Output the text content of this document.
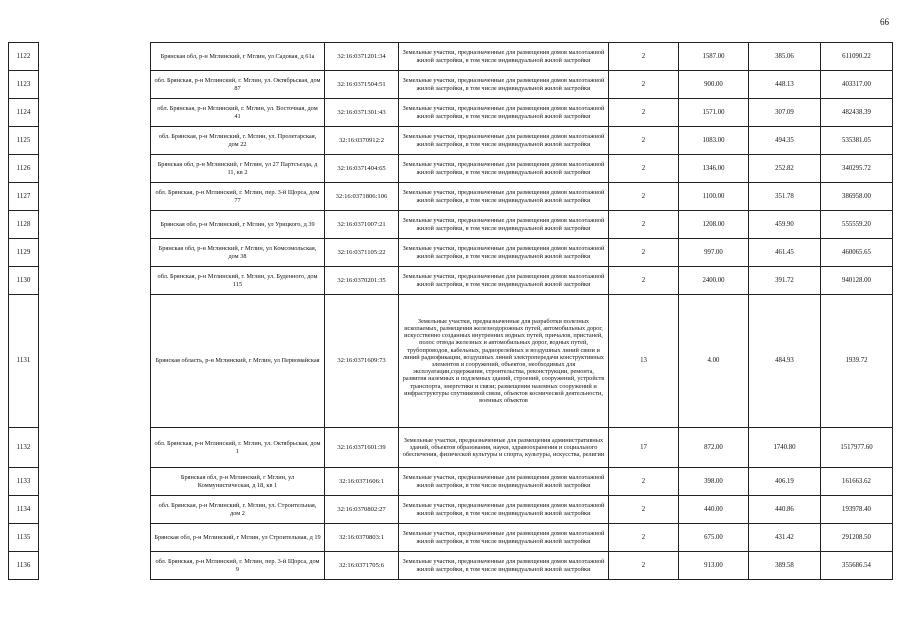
66
1122		Брянская обл, р-н Мглинский, г Мглин, ул Садовая, д 61а	32:16:0371201:34	Земельные участки, предназначенные для размещения домов малоэтажной жилой застройки, в том числе индивидуальной жилой застройки	2	1587.00	385.06	611090.22
1123		обл. Брянская, р-н Мглинский, г. Мглин, ул. Октябрьская, дом 87	32:16:0371504:51	Земельные участки, предназначенные для размещения домов малоэтажной жилой застройки, в том числе индивидуальной жилой застройки	2	900.00	448.13	403317.00
1124		обл. Брянская, р-н Мглинский, г. Мглин, ул. Восточная, дом 41	32:16:0371301:43	Земельные участки, предназначенные для размещения домов малоэтажной жилой застройки, в том числе индивидуальной жилой застройки	2	1571.00	307.09	482438.39
1125		обл. Брянская, р-н Мглинский, г. Мглин, ул. Пролетарская, дом 22	32:16:0370912:2	Земельные участки, предназначенные для размещения домов малоэтажной жилой застройки, в том числе индивидуальной жилой застройки	2	1083.00	494.35	535381.05
1126		Брянская обл, р-н Мглинский, г Мглин, ул 27 Партсъезда, д 11, кв 2	32:16:0371404:65	Земельные участки, предназначенные для размещения домов малоэтажной жилой застройки, в том числе индивидуальной жилой застройки	2	1346.00	252.82	340295.72
1127		обл. Брянская, р-н Мглинский, г. Мглин, пер. 3-й Щорса, дом 77	32:16:0371806:106	Земельные участки, предназначенные для размещения домов малоэтажной жилой застройки, в том числе индивидуальной жилой застройки	2	1100.00	351.78	386958.00
1128		Брянская обл, р-н Мглинский, г Мглин, ул Урицкого, д 39	32:16:0371007:21	Земельные участки, предназначенные для размещения домов малоэтажной жилой застройки, в том числе индивидуальной жилой застройки	2	1208.00	459.90	555559.20
1129		Брянская обл, р-н Мглинский, г Мглин, ул Комсомольская, дом 38	32:16:0371105:22	Земельные участки, предназначенные для размещения домов малоэтажной жилой застройки, в том числе индивидуальной жилой застройки	2	997.00	461.45	460065.65
1130		обл. Брянская, р-н Мглинский, г. Мглин, ул. Буденного, дом 115	32:16:0370201:35	Земельные участки, предназначенные для размещения домов малоэтажной жилой застройки, в том числе индивидуальной жилой застройки	2	2400.00	391.72	940128.00
1131		Брянская область, р-н Мглинский, г Мглин, ул Первомайская	32:16:0371609:73	Земельные участки, предназначенные для разработки полезных ископаемых, размещения железнодорожных путей, автомобильных дорог, искусственно созданных внутренних водных путей, причалов, пристаней, полос отвода железных и автомобильных дорог, водных путей, трубопроводов, кабельных, радиорелейных и воздушных линий связи и линий радиофикации, воздушных линий электропередачи конструктивных элементов и сооружений, объектов, необходимых для эксплуатации,содержания, строительства, реконструкции, ремонта, развития наземных и подземных зданий, строений, сооружений, устройств транспорта, энергетики и связи; размещения наземных сооружений и инфраструктуры спутниковой связи, объектов космической деятельности, военных объектов	13	4.00	484.93	1939.72
1132		обл. Брянская, р-н Мглинский, г. Мглин, ул. Октябрьская, дом 1	32:16:0371601:39	Земельные участки, предназначенные для размещения административных зданий, объектов образования, науки, здравоохранения и социального обеспечения, физической культуры и спорта, культуры, искусства, религии	17	872.00	1740.80	1517977.60
1133		Брянская обл, р-н Мглинский, г Мглин, ул Коммунистическая, д 18, кв 1	32:16:0371606:1	Земельные участки, предназначенные для размещения домов малоэтажной жилой застройки, в том числе индивидуальной жилой застройки	2	398.00	406.19	161663.62
1134		обл. Брянская, р-н Мглинский, г. Мглин, ул. Строительная, дом 2	32:16:0370802:27	Земельные участки, предназначенные для размещения домов малоэтажной жилой застройки, в том числе индивидуальной жилой застройки	2	440.00	440.86	193978.40
1135		Брянская обл, р-н Мглинский, г Мглин, ул Строительная, д 19	32:16:0370803:1	Земельные участки, предназначенные для размещения домов малоэтажной жилой застройки, в том числе индивидуальной жилой застройки	2	675.00	431.42	291208.50
1136		обл. Брянская, р-н Мглинский, г. Мглин, пер. 3-й Щорса, дом 9	32:16:0371705:6	Земельные участки, предназначенные для размещения домов малоэтажной жилой застройки, в том числе индивидуальной жилой застройки	2	913.00	389.58	355686.54
